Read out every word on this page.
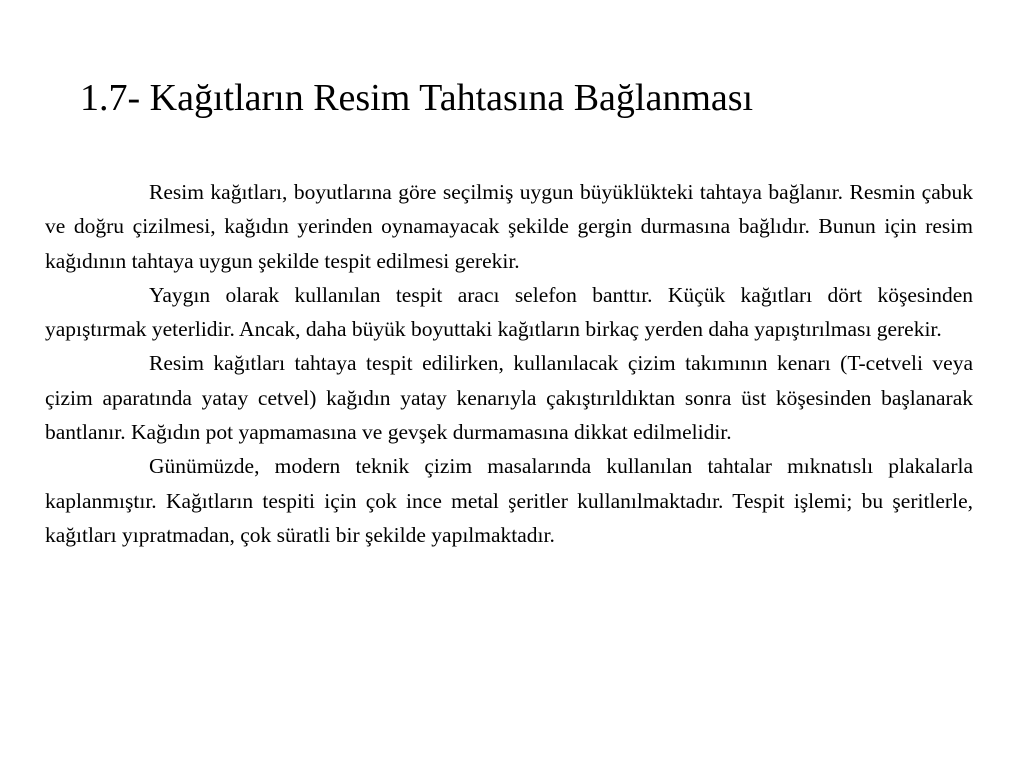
1.7- Kağıtların Resim Tahtasına Bağlanması

Resim kağıtları, boyutlarına göre seçilmiş uygun büyüklükteki tahtaya bağlanır. Resmin çabuk ve doğru çizilmesi, kağıdın yerinden oynamayacak şekilde gergin durmasına bağlıdır. Bunun için resim kağıdının tahtaya uygun şekilde tespit edilmesi gerekir.

Yaygın olarak kullanılan tespit aracı selefon banttır. Küçük kağıtları dört köşesinden yapıştırmak yeterlidir. Ancak, daha büyük boyuttaki kağıtların birkaç yerden daha yapıştırılması gerekir.

Resim kağıtları tahtaya tespit edilirken, kullanılacak çizim takımının kenarı (T-cetveli veya çizim aparatında yatay cetvel) kağıdın yatay kenarıyla çakıştırıldıktan sonra üst köşesinden başlanarak bantlanır. Kağıdın pot yapmamasına ve gevşek durmamasına dikkat edilmelidir.

Günümüzde, modern teknik çizim masalarında kullanılan tahtalar mıknatıslı plakalarla kaplanmıştır. Kağıtların tespiti için çok ince metal şeritler kullanılmaktadır. Tespit işlemi; bu şeritlerle, kağıtları yıpratmadan, çok süratli bir şekilde yapılmaktadır.
